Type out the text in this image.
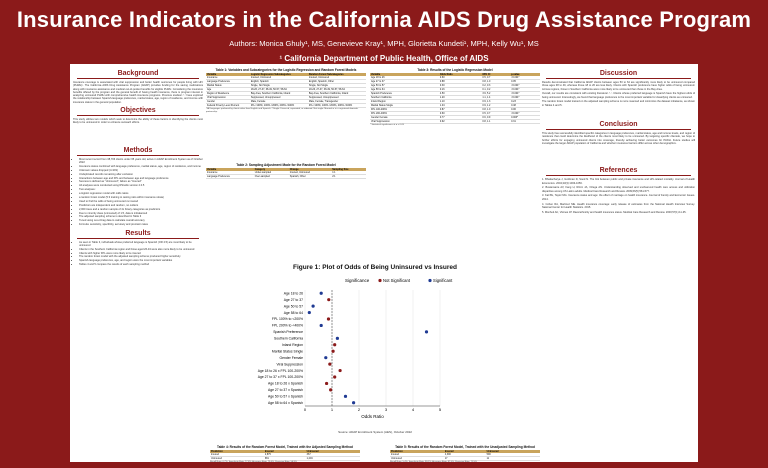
Insurance Indicators in the California AIDS Drug Assistance Program
Authors: Monica Ghuly¹, MS, Genevieve Kray¹, MPH, Glorietta Kundeti¹, MPH, Kelly Wu¹, MS
¹ California Department of Public Health, Office of AIDS
Background

Insurance coverage is associated with viral suppression and better health outcomes for people living with HIV (PLWH)¹. The California AIDS Drug Assistance Program (ADAP) provides funding for the saving medications along with insurance assistance and medical out-of-pocket benefits for eligible PLWH. Considering the insurance benefits offered by the program and the general benefit of having health insurance, there is program interest in analyzing uninsured PLWH with comprehensive health insurance programs. Previous studies²·³·⁴ have explored the relationship between Spanish-language preference, marital status, age, region of residence, and income with insurance status in the general population.

Objectives

This study utilizes two models which seek to determine the ability of these factors in identifying the clients most likely to be uninsured in order to enhance outreach efforts.

Methods
• Most recent record from 38,706 clients under 65 years old, active in ADAP Enrollment System as of October 2022
• Insurance status combined with language preference, marital status, age, region of residence, and income
• Unknown values dropped (n=181)
• Unduplicated records remaining after exclusion
• Interactions between age and FPL and between age and language preference
• Success is defined as "Uninsured"; failure as "Insured"
• All analyses were conducted using RStudio version 4.0.5
• Two analyses:
• a logistic regression model with odds ratios
• a random forest model (5:3 training to testing ratio within insurance strata)
• Used to find the odds of being uninsured vs insured
• Predictors are independent and random, no outliers
• 2,000 trees and a random sample of 4x binary categories as predictors
• Due to minority class (uninsured) of 1:5, data is imbalanced
• The adjusted sampling scheme is described in Table 3
• Tuned using out-of-bag data to calculate overall accuracy
• Formula: sensitivity, specificity, accuracy and precision rates
Results
• As seen in Table 3, individuals whose preferred language is Spanish (OR 4.5) are most likely to be uninsured
• Clients in the Southern California region and those aged 26-34 were also more likely to be uninsured
• Clients with higher FPL were more likely to be insured
• The random forest model with the adjusted sampling scheme produced higher sensitivity
• Spanish-language preference, age, and region were the most important variables
• Tables 4 and 5 compare the results of each sampling method
Table 1: Variables and Subcategories for the Logistic Regression and Random Forest Models
Variable	Logistic Regression Subcategories	Random Forest Subcategories
Insurance	Insured, Uninsured	Insured, Uninsured
Language Preference	English, Spanish	English, Spanish, Other
Marital Status	Single, Not Single	Single, Not Single
Age	18-26, 27-37, 38-49, 50-57, 58-64	18-26, 27-37, 38-49, 50-57, 58-64
Region of Residence	Bay Area, Southern California, Inland	Bay Area, Southern California, Inland
Viral Suppression	Suppressed, Unsuppressed	Suppressed, Unsuppressed
Gender	Male, Female	Male, Female, Transgender
Federal Poverty Level Percent	0%-<100%, 100%-<200%, 200%-<400%	0%-<100%, 100%-<200%, 200%-<400%
¹ All languages preferred by clients other than English and Spanish. ² Single: Divorced, separated, or widowed. Not single: Married or in a registered domestic partnership.
Table 2: Sampling Adjustment Made for the Random Forest Model
Variable	Category	Change	Sampling Size
Insurance	Under-sampled	Insured, Uninsured	1:1
Language Preference	Over-sampled	Spanish, Other	2:1
Table 3: Results of the Logistic Regression Model
Variable	Odds Ratio	95% CI	p-value
Age 18 to 26	0.60	0.5, 0.7	<0.001*
Age 27 to 37	0.88	0.8, 1.0	0.05
Age 50 to 57	0.30	0.2, 0.3	<0.001*
Age 58 to 64	0.16	0.1, 0.2	<0.001*
Spanish Preference	4.50	3.9, 5.2	<0.001*
Southern California	1.20	1.1, 1.4	<0.001*
Inland Region	1.10	0.9, 1.3	0.23
Marital Status Single	1.04	0.9, 1.2	0.48
FPL 100-200%	0.87	0.8, 1.0	0.06
FPL 200-400%	0.60	0.5, 0.7	<0.001*
Gender Female	0.77	0.6, 0.9	0.003*
Viral Suppression	0.92	0.8, 1.1	0.31
* Statistical significance at α = 0.05
Discussion

Results demonstrated that California ADAP clients between ages 50 to 64 are significantly more likely to be uninsured compared those ages 38 to 49, whereas those 18 to 26 are less likely. Clients with Spanish preference have higher odds of being uninsured. Across regions, those in Southern California were more likely to be uninsured than those in the Bay Area.

Overall, our results are consistent with existing literature²·³·⁴. Clients whose preferred language is Spanish have the highest odds of being uninsured. Interestingly, we found that language preference is the most important variable for classifying clients as uninsured.

The random forest model trained on the adjusted sampling scheme is more nuanced and minimizes the dataset imbalance, as shown in Tables 4 and 5.

Conclusion

This study has successfully identified specific categories in language preference, marital status, age and income levels, and region of residence that could determine the likelihood of the clients most likely to be uninsured. By targeting specific clientele, we hope to further efforts for engaging uninsured clients into coverage, thereby achieving better outcomes for PLWH. Future studies will investigate the larger ADAP population of California and whether insurance barriers differ across other demographics.

References

1. Bhattacharya J, Goldman D, Sood N. The link between public and private insurance and HIV-related mortality. Journal of Health Economics. 2004;23(3):1033-1056.

2. Bustamante AV, Fang H, Rizzo JA, Ortega AN. Understanding observed and unobserved health care access and utilization disparities among US Latino adults. Medical Care Research and Review. 2009;66(5):561-577.

3. Kail BL, Taylor MG. Insurance status and age: the effect of marriage on health insurance. Journal of Family and Economic Issues. 2014.

4. Cohen RA, Martinez ME. Health insurance coverage: early release of estimates from the National Health Interview Survey. National Center for Health Statistics. 2015.

5. Monheit AC, Vistnes JP. Race/ethnicity and health insurance status. Medical Care Research and Review. 2000;57(1):11-35.

Figure 1: Plot of Odds of Being Uninsured vs Insured
Significance	Not Significant	Significant
0	1	2	3	4	5
Odds Ratio
Age 18 to 26
Age 27 to 37
Age 50 to 57
Age 58 to 64
FPL 100% to <200%
FPL 200% to <400%
Spanish Preference
Southern California
Inland Region
Marital Status Single
Gender Female
Viral Suppression
Age 18 to 26 x FPL 100-200%
Age 27 to 37 x FPL 100-200%
Age 18 to 26 x Spanish
Age 27 to 37 x Spanish
Age 50 to 57 x Spanish
Age 58 to 64 x Spanish
Source: ADAP Enrollment System (AES), October 2022
Table 4: Results of the Random Forest Model, Trained with the Adjusted Sampling Method
Prediction	Insured	Uninsured
Insured	2,875	367
Uninsured	681	1,204
Recall Rate: 0.7%, Specificity Rate: 77.0%, Accuracy Rate: 73.6%, Precision Rate: 56.9%
Table 5: Results of the Random Forest Model, Trained with the Unadjusted Sampling Method
Prediction	Insured	Uninsured
Insured	4,390	590
Uninsured	17	11
Recall Rate: 5.4%, Specificity Rate: 99.1%, Accuracy Rate: 87.5%, Precision Rate: 71.5%
